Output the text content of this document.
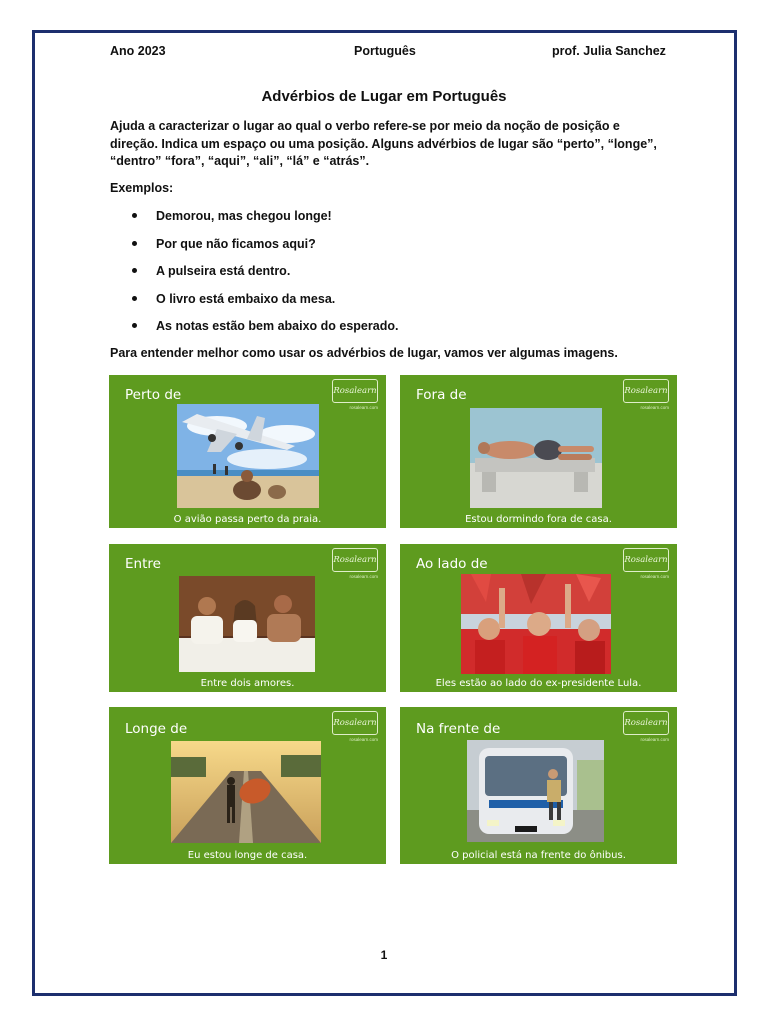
Ano 2023	Português	prof. Julia Sanchez
Advérbios de Lugar em Português
Ajuda a caracterizar o lugar ao qual o verbo refere-se por meio da noção de posição e direção. Indica um espaço ou uma posição. Alguns advérbios de lugar são “perto”, “longe”, “dentro” “fora”, “aqui”, “ali”, “lá” e “atrás”.
Exemplos:
Demorou, mas chegou longe!
Por que não ficamos aqui?
A pulseira está dentro.
O livro está embaixo da mesa.
As notas estão bem abaixo do esperado.
Para entender melhor como usar os advérbios de lugar, vamos ver algumas imagens.
Perto de	Rosalearn
rosalearn.com
O avião passa perto da praia.
Fora de	Rosalearn
rosalearn.com
Estou dormindo fora de casa.
Entre	Rosalearn
rosalearn.com
Entre dois amores.
Ao lado de	Rosalearn
rosalearn.com
Eles estão ao lado do ex-presidente Lula.
Longe de	Rosalearn
rosalearn.com
Eu estou longe de casa.
Na frente de	Rosalearn
rosalearn.com
O policial está na frente do ônibus.
1
